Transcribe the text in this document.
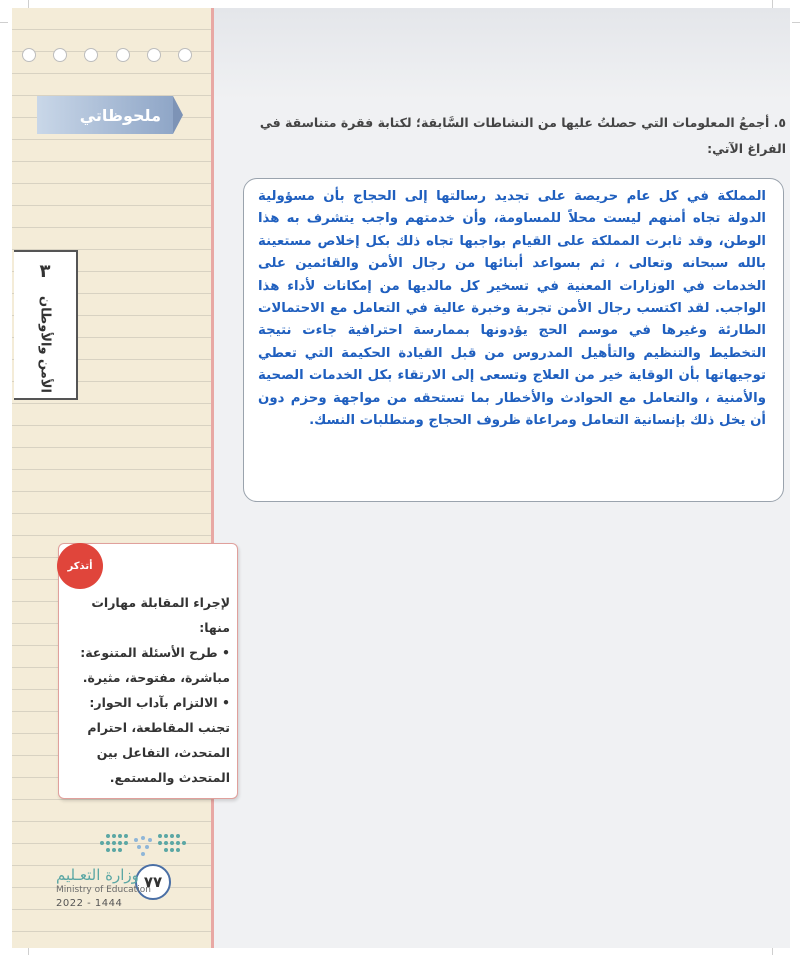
٥. أجمعُ المعلومات التي حصلتُ عليها من النشاطات السَّابقة؛ لكتابة فقرة متناسقة في الفراغ الآتي:
المملكة في كل عام حريصة على تجديد رسالتها إلى الحجاج بأن مسؤولية الدولة تجاه أمنهم ليست محلاً للمساومة، وأن خدمتهم واجب يتشرف به هذا الوطن، وقد ثابرت المملكة على القيام بواجبها تجاه ذلك بكل إخلاص مستعينة بالله سبحانه وتعالى ، ثم بسواعد أبنائها من رجال الأمن والقائمين على الخدمات في الوزارات المعنية في تسخير كل مالديها من إمكانات لأداء هذا الواجب. لقد اكتسب رجال الأمن تجربة وخبرة عالية في التعامل مع الاحتمالات الطارئة وغيرها في موسم الحج يؤدونها بممارسة احترافية جاءت نتيجة التخطيط والتنظيم والتأهيل المدروس من قبل القيادة الحكيمة التي تعطي توجيهاتها بأن الوقاية خير من العلاج وتسعى إلى الارتقاء بكل الخدمات الصحية والأمنية ، والتعامل مع الحوادث والأخطار بما تستحقه من مواجهة وحزم دون أن يخل ذلك بإنسانية التعامل ومراعاة ظروف الحجاج ومتطلبات النسك.
ملحوظاتي
٣
الأمن والأوطان
أتذكر
لإجراء المقابلة مهارات
منها:
• طرح الأسئلة المتنوعة:
مباشرة، مفتوحة، مثيرة.
• الالتزام بآداب الحوار:
تجنب المقاطعة، احترام
المتحدث، التفاعل بين
المتحدث والمستمع.
٧٧
وزارة التعـليم
Ministry of Education
2022 - 1444
